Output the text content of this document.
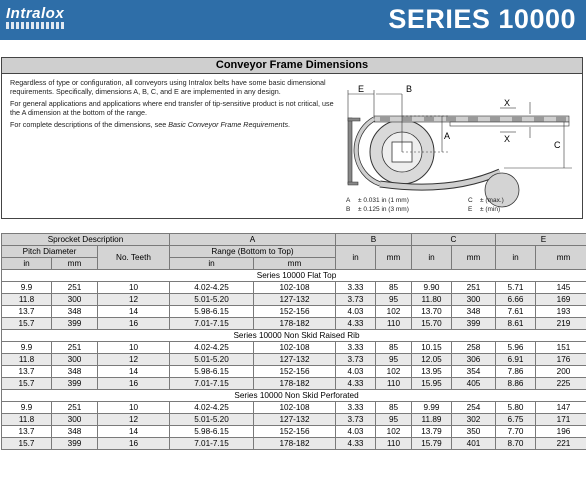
Intralox	SERIES 10000
Conveyor Frame Dimensions

Regardless of type or configuration, all conveyors using Intralox belts have some basic dimensional requirements. Specifically, dimensions A, B, C, and E are implemented in any design.

For general applications and applications where end transfer of tip-sensitive product is not critical, use the A dimension at the bottom of the range.

For complete descriptions of the dimensions, see Basic Conveyor Frame Requirements.

E	B
A
C
X
X
A ± 0.031 in (1 mm)
B ± 0.125 in (3 mm)
C ± (max.)
E ± (min)
Sprocket Description			A		B		C		E	
Pitch Diameter		No. Teeth	Range (Bottom to Top)		in	mm	in	mm	in	mm
in	mm		in	mm						
Series 10000 Flat Top										
9.9	251	10	4.02-4.25	102-108	3.33	85	9.90	251	5.71	145
11.8	300	12	5.01-5.20	127-132	3.73	95	11.80	300	6.66	169
13.7	348	14	5.98-6.15	152-156	4.03	102	13.70	348	7.61	193
15.7	399	16	7.01-7.15	178-182	4.33	110	15.70	399	8.61	219
Series 10000 Non Skid Raised Rib										
9.9	251	10	4.02-4.25	102-108	3.33	85	10.15	258	5.96	151
11.8	300	12	5.01-5.20	127-132	3.73	95	12.05	306	6.91	176
13.7	348	14	5.98-6.15	152-156	4.03	102	13.95	354	7.86	200
15.7	399	16	7.01-7.15	178-182	4.33	110	15.95	405	8.86	225
Series 10000 Non Skid Perforated										
9.9	251	10	4.02-4.25	102-108	3.33	85	9.99	254	5.80	147
11.8	300	12	5.01-5.20	127-132	3.73	95	11.89	302	6.75	171
13.7	348	14	5.98-6.15	152-156	4.03	102	13.79	350	7.70	196
15.7	399	16	7.01-7.15	178-182	4.33	110	15.79	401	8.70	221
